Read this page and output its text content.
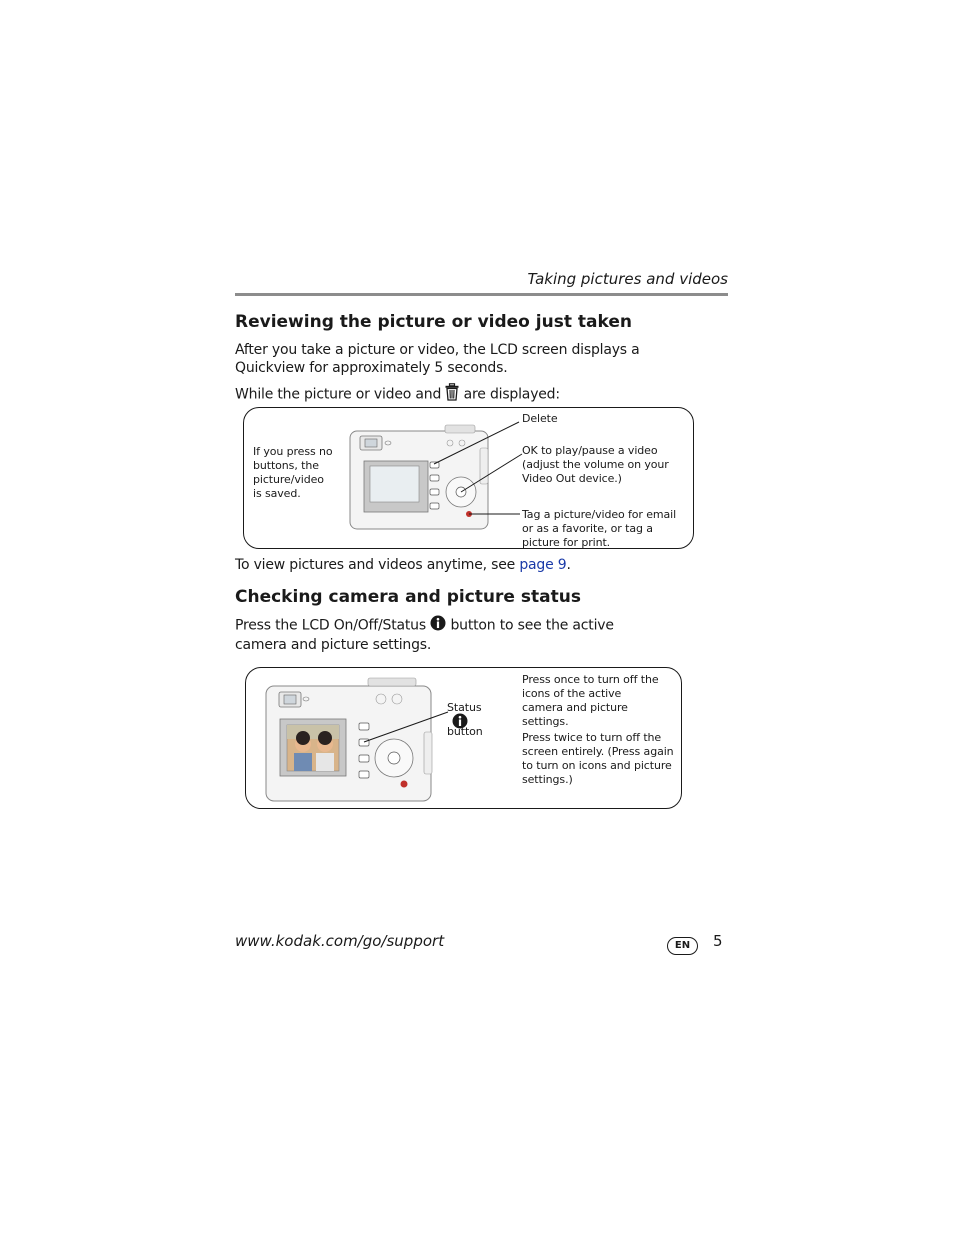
Taking pictures and videos
Reviewing the picture or video just taken
After you take a picture or video, the LCD screen displays a Quickview for approximately 5 seconds.
While the picture or video and are displayed:
If you press no buttons, the picture/video is saved.
Delete
OK to play/pause a video (adjust the volume on your Video Out device.)
Tag a picture/video for email or as a favorite, or tag a picture for print.
To view pictures and videos anytime, see page 9.
Checking camera and picture status
Press the LCD On/Off/Status button to see the active camera and picture settings.
Status
button
Press once to turn off the icons of the active camera and picture settings.
Press twice to turn off the screen entirely. (Press again to turn on icons and picture settings.)
www.kodak.com/go/support	EN	5
